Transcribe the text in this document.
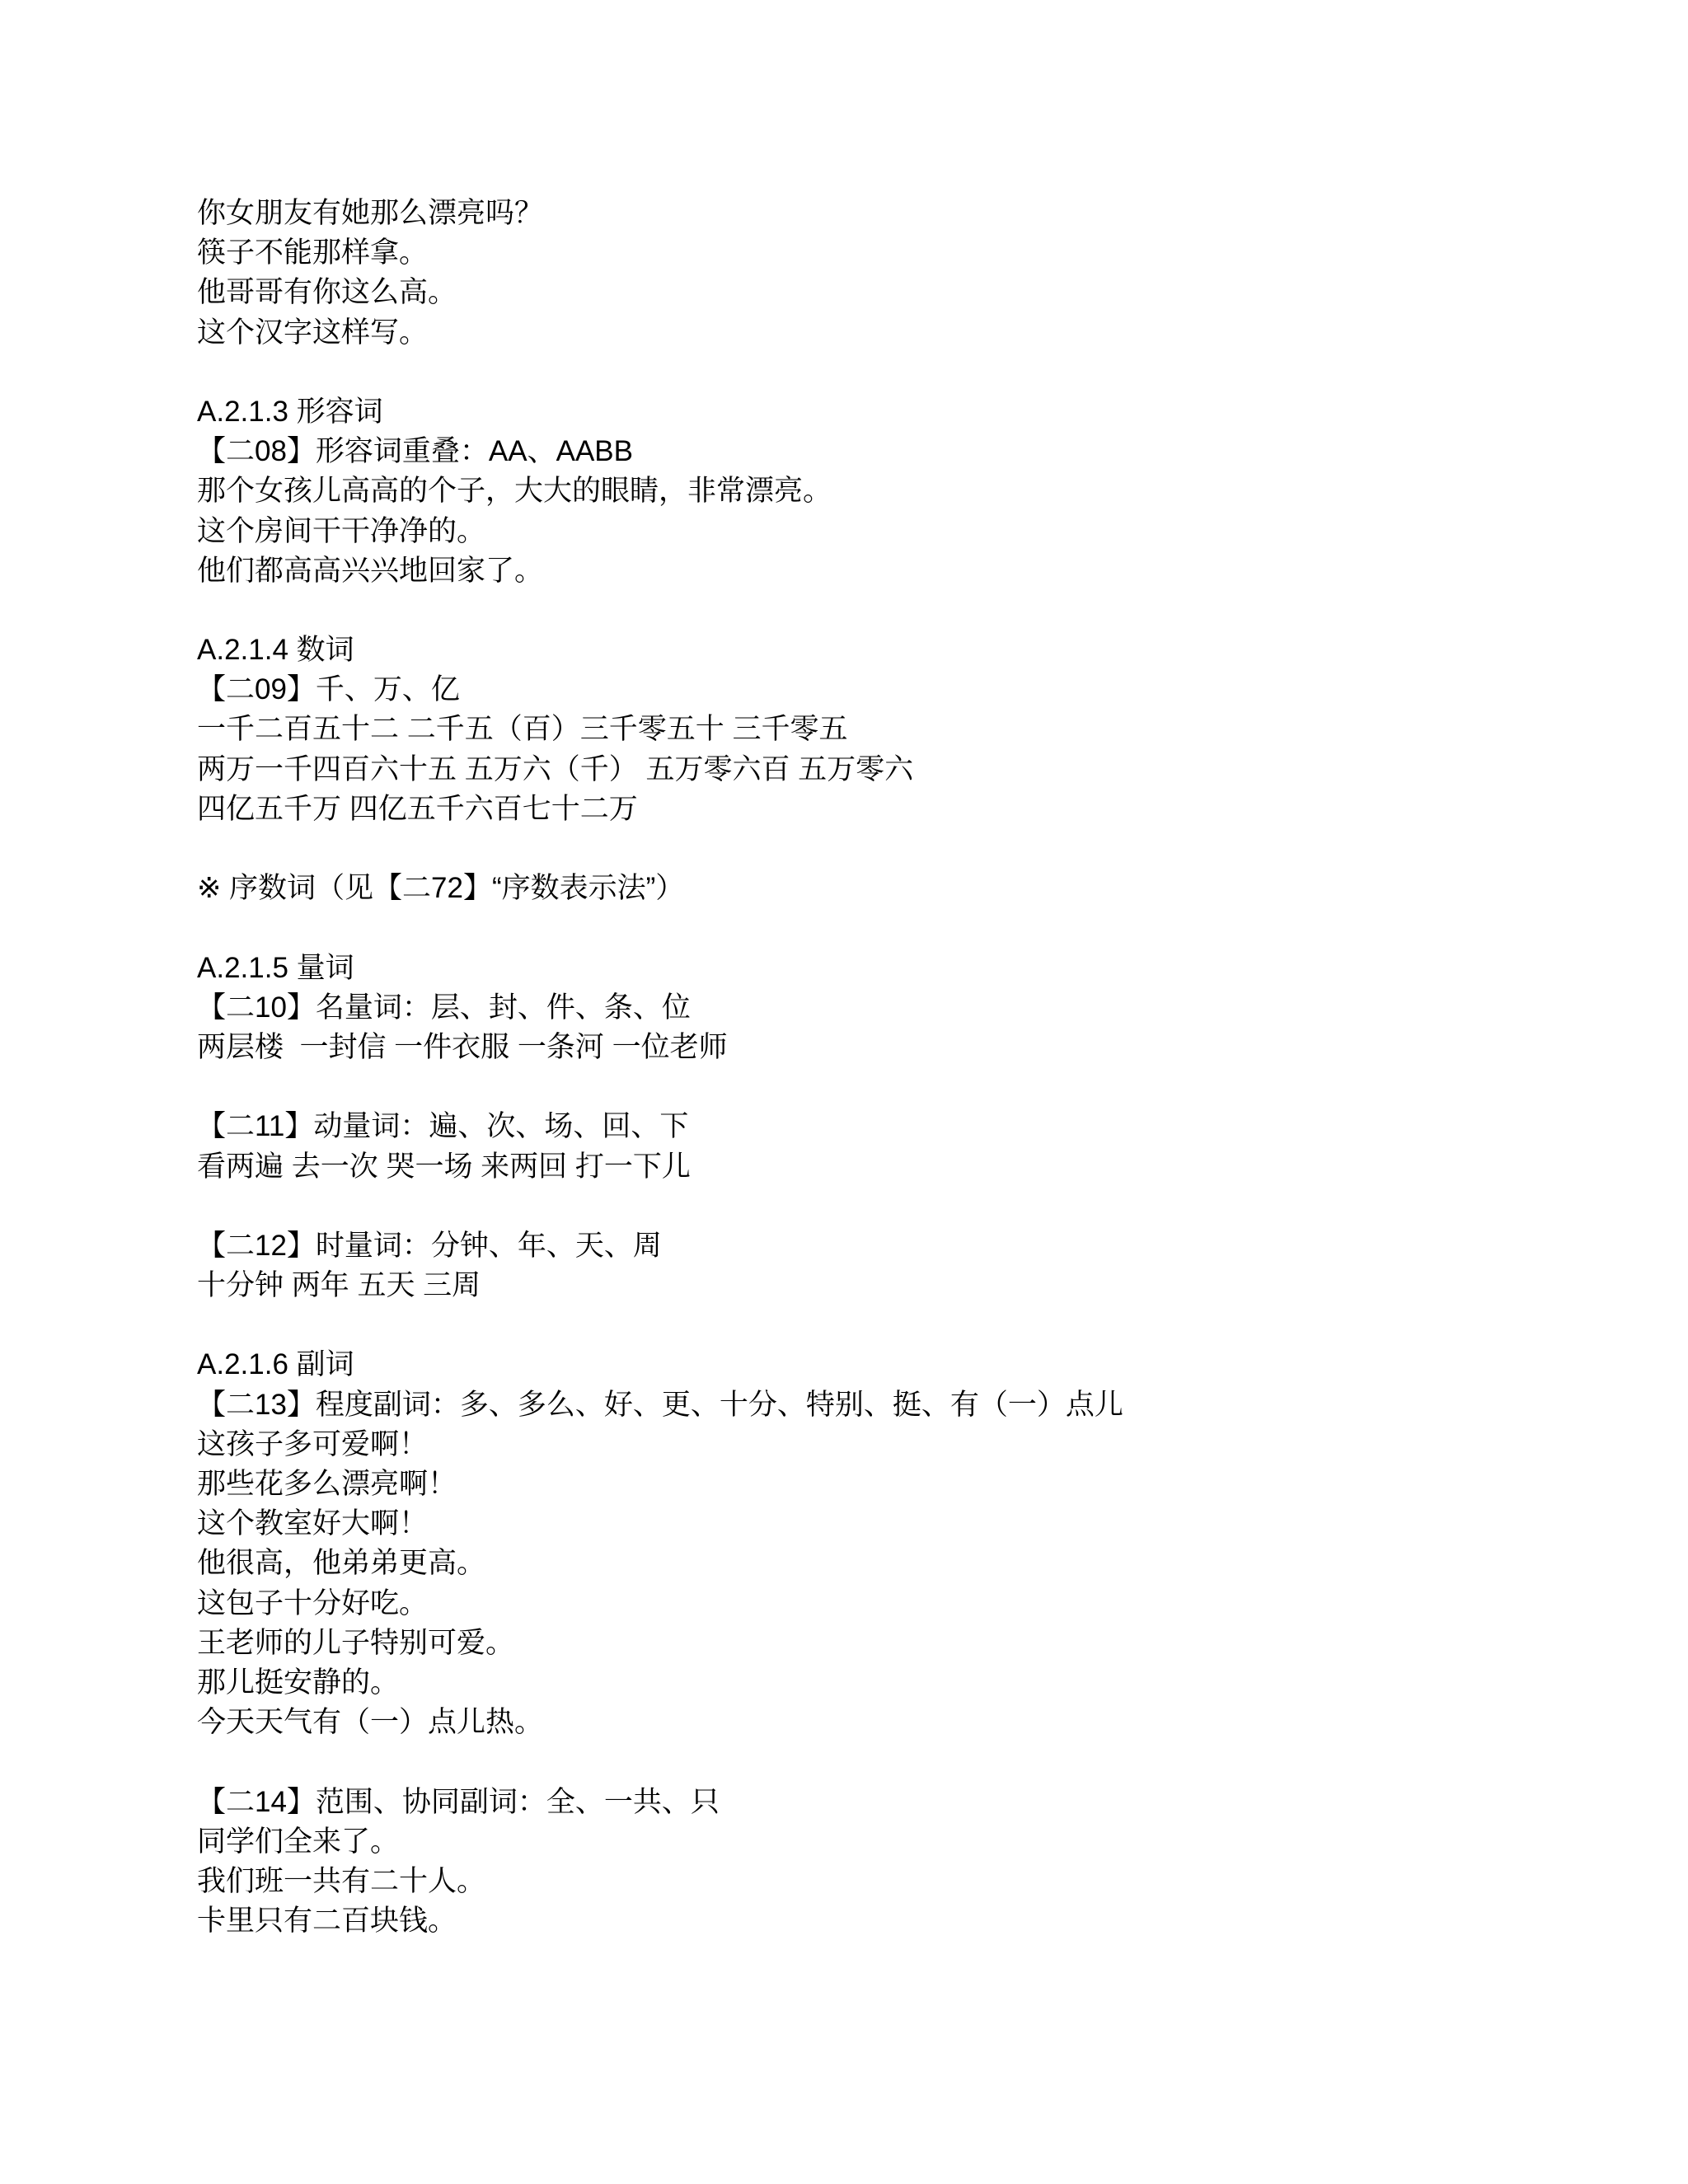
你女朋友有她那么漂亮吗？
筷子不能那样拿。
他哥哥有你这么高。
这个汉字这样写。
A.2.1.3 形容词
【二08】形容词重叠：AA、AABB
那个女孩儿高高的个子，大大的眼睛，非常漂亮。
这个房间干干净净的。
他们都高高兴兴地回家了。
A.2.1.4 数词
【二09】千、万、亿
一千二百五十二 二千五（百）三千零五十 三千零五
两万一千四百六十五 五万六（千） 五万零六百 五万零六
四亿五千万 四亿五千六百七十二万
※ 序数词（见【二72】“序数表示法”）
A.2.1.5 量词
【二10】名量词：层、封、件、条、位
两层楼  一封信 一件衣服 一条河 一位老师
【二11】动量词：遍、次、场、回、下
看两遍 去一次 哭一场 来两回 打一下儿
【二12】时量词：分钟、年、天、周
十分钟 两年 五天 三周
A.2.1.6 副词
【二13】程度副词：多、多么、好、更、十分、特别、挺、有（一）点儿
这孩子多可爱啊！
那些花多么漂亮啊！
这个教室好大啊！
他很高，他弟弟更高。
这包子十分好吃。
王老师的儿子特别可爱。
那儿挺安静的。
今天天气有（一）点儿热。
【二14】范围、协同副词：全、一共、只
同学们全来了。
我们班一共有二十人。
卡里只有二百块钱。
